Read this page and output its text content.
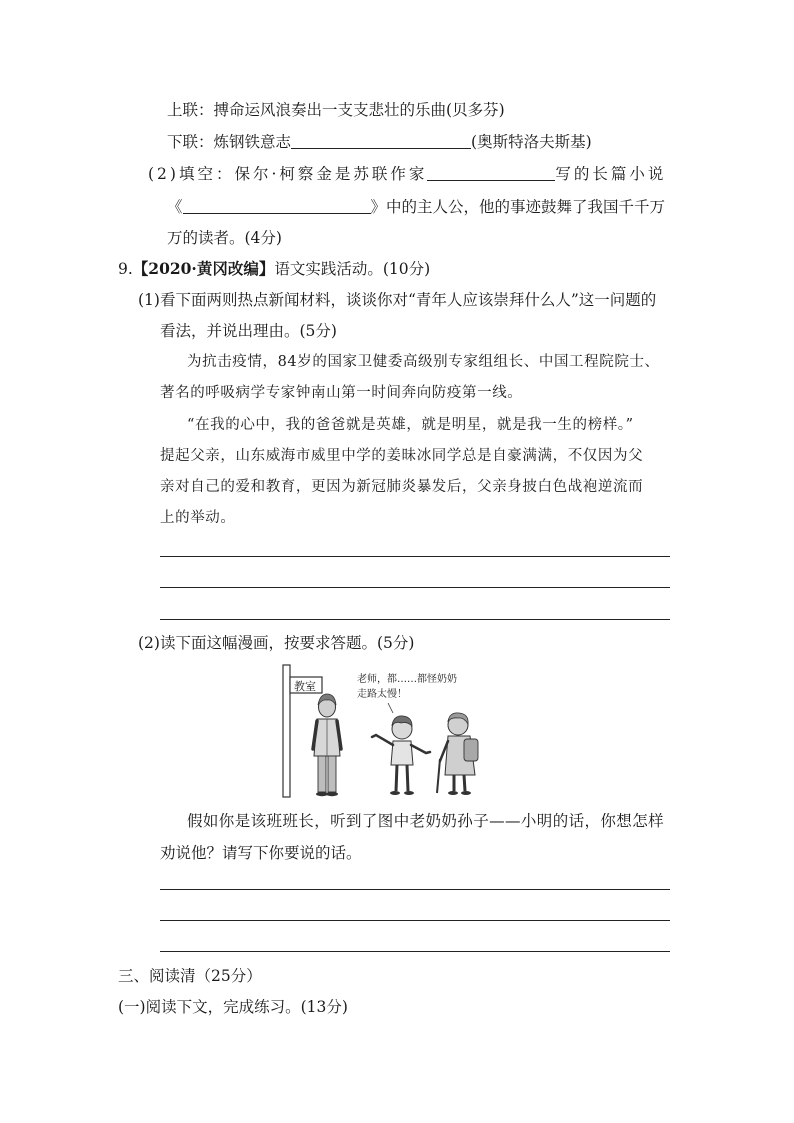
上联：搏命运风浪奏出一支支悲壮的乐曲(贝多芬)
下联：炼钢铁意志	(奥斯特洛夫斯基)
(2)填空：保尔·柯察金是苏联作家	写的长篇小说
《	》中的主人公，他的事迹鼓舞了我国千千万
万的读者。(4分)
9.【2020·黄冈改编】语文实践活动。(10分)
(1)看下面两则热点新闻材料，谈谈你对“青年人应该崇拜什么人”这一问题的
看法，并说出理由。(5分)
为抗击疫情，84岁的国家卫健委高级别专家组组长、中国工程院院士、
著名的呼吸病学专家钟南山第一时间奔向防疫第一线。
“在我的心中，我的爸爸就是英雄，就是明星，就是我一生的榜样。”
提起父亲，山东威海市威里中学的姜昧冰同学总是自豪满满，不仅因为父
亲对自己的爱和教育，更因为新冠肺炎暴发后，父亲身披白色战袍逆流而
上的举动。
(2)读下面这幅漫画，按要求答题。(5分)
教室
老师，都……都怪奶奶
走路太慢！
假如你是该班班长，听到了图中老奶奶孙子——小明的话，你想怎样
劝说他？请写下你要说的话。
三、阅读清（25分）
(一)阅读下文，完成练习。(13分)
